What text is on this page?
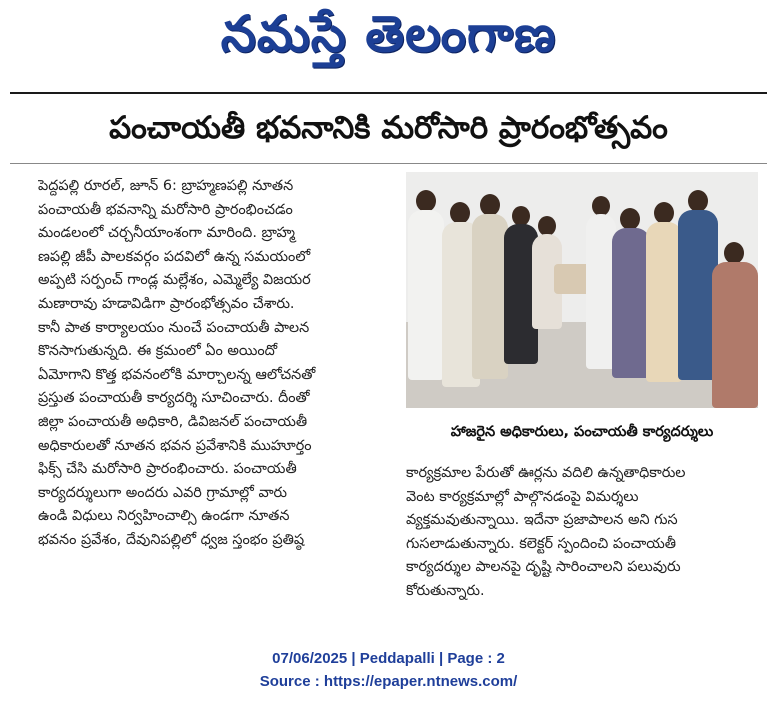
నమస్తే తెలంగాణ
పంచాయతీ భవనానికి మరోసారి ప్రారంభోత్సవం
పెద్దపల్లి రూరల్, జూన్ 6: బ్రాహ్మణపల్లి నూతన
పంచాయతీ భవనాన్ని మరోసారి ప్రారంభించడం
మండలంలో చర్చనీయాంశంగా మారింది. బ్రాహ్మ
ణపల్లి జీపీ పాలకవర్గం పదవిలో ఉన్న సమయంలో
అప్పటి సర్పంచ్ గాండ్ల మల్లేశం, ఎమ్మెల్యే విజయర
మణారావు హడావిడిగా ప్రారంభోత్సవం చేశారు.
కానీ పాత కార్యాలయం నుంచే పంచాయతీ పాలన
కొనసాగుతున్నది. ఈ క్రమంలో ఏం అయిందో
ఏమోగాని కొత్త భవనంలోకి మార్చాలన్న ఆలోచనతో
ప్రస్తుత పంచాయతీ కార్యదర్శి సూచించారు. దీంతో
జిల్లా పంచాయతీ అధికారి, డివిజనల్ పంచాయతీ
అధికారులతో నూతన భవన ప్రవేశానికి ముహూర్తం
ఫిక్స్ చేసి మరోసారి ప్రారంభించారు. పంచాయతీ
కార్యదర్శులుగా అందరు ఎవరి గ్రామాల్లో వారు
ఉండి విధులు నిర్వహించాల్సి ఉండగా నూతన
భవనం ప్రవేశం, దేవునిపల్లిలో ధ్వజ స్తంభం ప్రతిష్ఠ
హాజరైన అధికారులు, పంచాయతీ కార్యదర్శులు
కార్యక్రమాల పేరుతో ఊర్లను వదిలి ఉన్నతాధికారుల
వెంట కార్యక్రమాల్లో పాల్గొనడంపై విమర్శలు
వ్యక్తమవుతున్నాయి. ఇదేనా ప్రజాపాలన అని గుస
గుసలాడుతున్నారు. కలెక్టర్ స్పందించి పంచాయతీ
కార్యదర్శుల పాలనపై దృష్టి సారించాలని పలువురు
కోరుతున్నారు.
07/06/2025 | Peddapalli | Page : 2
Source : https://epaper.ntnews.com/
